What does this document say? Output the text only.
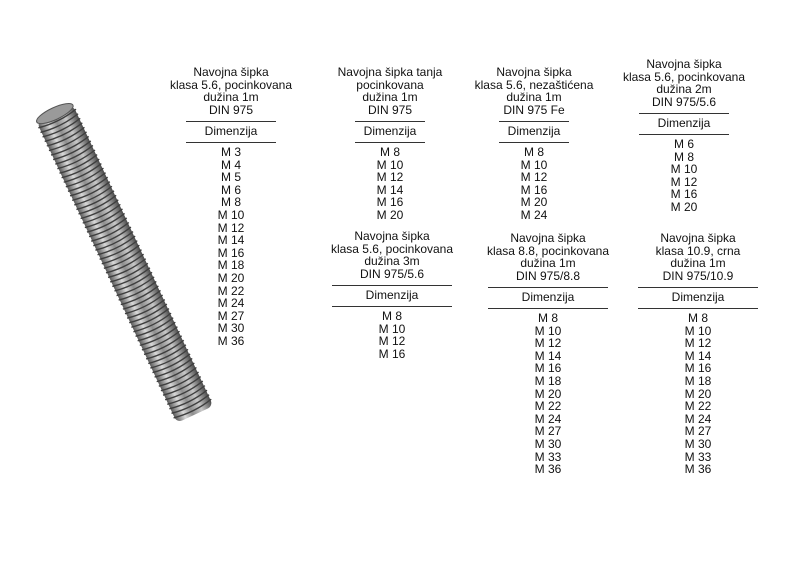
Navojna šipka
klasa 5.6, pocinkovana
dužina 1m
DIN 975
Dimenzija
M 3
M 4
M 5
M 6
M 8
M 10
M 12
M 14
M 16
M 18
M 20
M 22
M 24
M 27
M 30
M 36
Navojna šipka tanja
pocinkovana
dužina 1m
DIN 975
Dimenzija
M 8
M 10
M 12
M 14
M 16
M 20
Navojna šipka
klasa 5.6, nezaštićena
dužina 1m
DIN 975 Fe
Dimenzija
M 8
M 10
M 12
M 16
M 20
M 24
Navojna šipka
klasa 5.6, pocinkovana
dužina 2m
DIN 975/5.6
Dimenzija
M 6
M 8
M 10
M 12
M 16
M 20
Navojna šipka
klasa 5.6, pocinkovana
dužina 3m
DIN 975/5.6
Dimenzija
M 8
M 10
M 12
M 16
Navojna šipka
klasa 8.8, pocinkovana
dužina 1m
DIN 975/8.8
Dimenzija
M 8
M 10
M 12
M 14
M 16
M 18
M 20
M 22
M 24
M 27
M 30
M 33
M 36
Navojna šipka
klasa 10.9, crna
dužina 1m
DIN 975/10.9
Dimenzija
M 8
M 10
M 12
M 14
M 16
M 18
M 20
M 22
M 24
M 27
M 30
M 33
M 36
